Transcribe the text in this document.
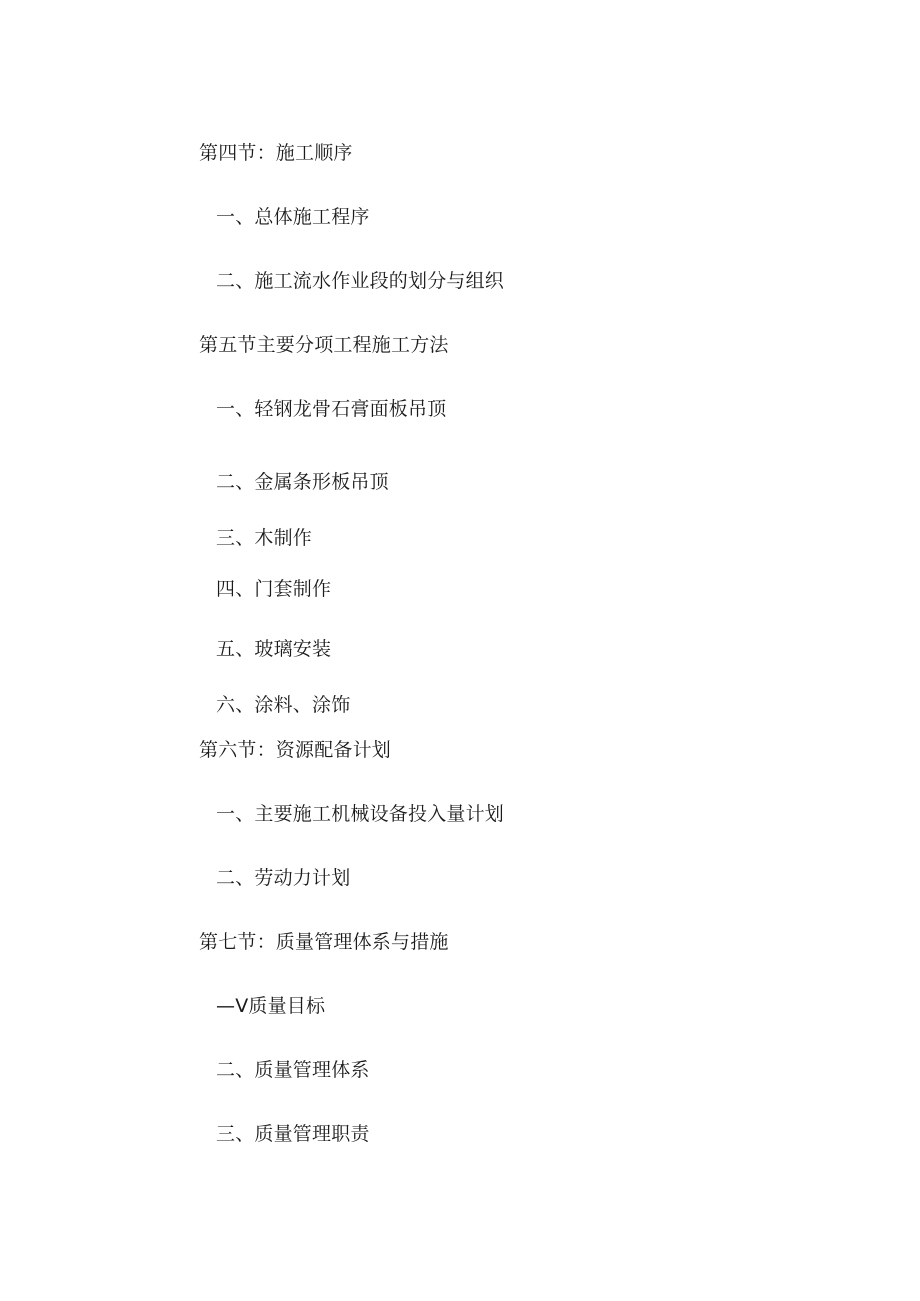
第四节：施工顺序
一、总体施工程序
二、施工流水作业段的划分与组织
第五节主要分项工程施工方法
一、轻钢龙骨石膏面板吊顶
二、金属条形板吊顶
三、木制作
四、门套制作
五、玻璃安装
六、涂料、涂饰
第六节：资源配备计划
一、主要施工机械设备投入量计划
二、劳动力计划
第七节：质量管理体系与措施
—V质量目标
二、质量管理体系
三、质量管理职责
